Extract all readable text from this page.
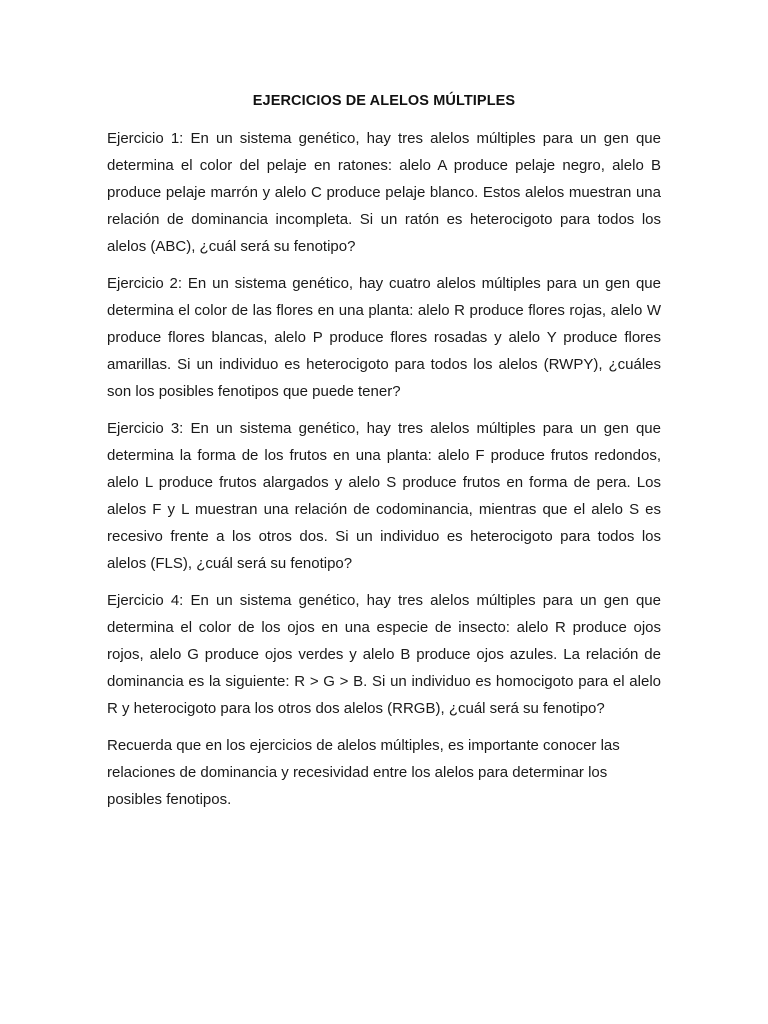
EJERCICIOS DE ALELOS MÚLTIPLES

Ejercicio 1: En un sistema genético, hay tres alelos múltiples para un gen que determina el color del pelaje en ratones: alelo A produce pelaje negro, alelo B produce pelaje marrón y alelo C produce pelaje blanco. Estos alelos muestran una relación de dominancia incompleta. Si un ratón es heterocigoto para todos los alelos (ABC), ¿cuál será su fenotipo?

Ejercicio 2: En un sistema genético, hay cuatro alelos múltiples para un gen que determina el color de las flores en una planta: alelo R produce flores rojas, alelo W produce flores blancas, alelo P produce flores rosadas y alelo Y produce flores amarillas. Si un individuo es heterocigoto para todos los alelos (RWPY), ¿cuáles son los posibles fenotipos que puede tener?

Ejercicio 3: En un sistema genético, hay tres alelos múltiples para un gen que determina la forma de los frutos en una planta: alelo F produce frutos redondos, alelo L produce frutos alargados y alelo S produce frutos en forma de pera. Los alelos F y L muestran una relación de codominancia, mientras que el alelo S es recesivo frente a los otros dos. Si un individuo es heterocigoto para todos los alelos (FLS), ¿cuál será su fenotipo?

Ejercicio 4: En un sistema genético, hay tres alelos múltiples para un gen que determina el color de los ojos en una especie de insecto: alelo R produce ojos rojos, alelo G produce ojos verdes y alelo B produce ojos azules. La relación de dominancia es la siguiente: R > G > B. Si un individuo es homocigoto para el alelo R y heterocigoto para los otros dos alelos (RRGB), ¿cuál será su fenotipo?

Recuerda que en los ejercicios de alelos múltiples, es importante conocer las relaciones de dominancia y recesividad entre los alelos para determinar los posibles fenotipos.
